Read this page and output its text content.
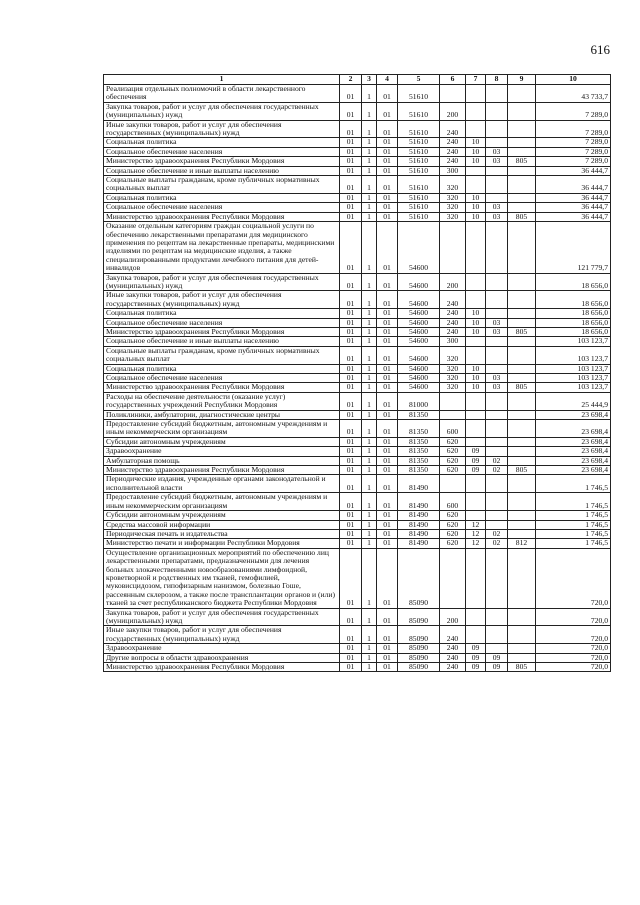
616
1	2	3	4	5	6	7	8	9	10
Реализация отдельных полномочий в области лекарственного обеспечения	01	1	01	51610					43 733,7
Закупка товаров, работ и услуг для обеспечения государственных (муниципальных) нужд	01	1	01	51610	200				7 289,0
Иные закупки товаров, работ и услуг для обеспечения государственных (муниципальных) нужд	01	1	01	51610	240				7 289,0
Социальная политика	01	1	01	51610	240	10			7 289,0
Социальное обеспечение населения	01	1	01	51610	240	10	03		7 289,0
Министерство здравоохранения Республики Мордовия	01	1	01	51610	240	10	03	805	7 289,0
Социальное обеспечение и иные выплаты населению	01	1	01	51610	300				36 444,7
Социальные выплаты гражданам, кроме публичных нормативных социальных выплат	01	1	01	51610	320				36 444,7
Социальная политика	01	1	01	51610	320	10			36 444,7
Социальное обеспечение населения	01	1	01	51610	320	10	03		36 444,7
Министерство здравоохранения Республики Мордовия	01	1	01	51610	320	10	03	805	36 444,7
Оказание отдельным категориям граждан социальной услуги по обеспечению лекарственными препаратами для медицинского применения по рецептам на лекарственные препараты, медицинскими изделиями по рецептам на медицинские изделия, а также специализированными продуктами лечебного питания для детей-инвалидов	01	1	01	54600					121 779,7
Закупка товаров, работ и услуг для обеспечения государственных (муниципальных) нужд	01	1	01	54600	200				18 656,0
Иные закупки товаров, работ и услуг для обеспечения государственных (муниципальных) нужд	01	1	01	54600	240				18 656,0
Социальная политика	01	1	01	54600	240	10			18 656,0
Социальное обеспечение населения	01	1	01	54600	240	10	03		18 656,0
Министерство здравоохранения Республики Мордовия	01	1	01	54600	240	10	03	805	18 656,0
Социальное обеспечение и иные выплаты населению	01	1	01	54600	300				103 123,7
Социальные выплаты гражданам, кроме публичных нормативных социальных выплат	01	1	01	54600	320				103 123,7
Социальная политика	01	1	01	54600	320	10			103 123,7
Социальное обеспечение населения	01	1	01	54600	320	10	03		103 123,7
Министерство здравоохранения Республики Мордовия	01	1	01	54600	320	10	03	805	103 123,7
Расходы на обеспечение деятельности (оказание услуг) государственных учреждений Республики Мордовия	01	1	01	81000					25 444,9
Поликлиники, амбулатории, диагностические центры	01	1	01	81350					23 698,4
Предоставление субсидий бюджетным, автономным учреждениям и иным некоммерческим организациям	01	1	01	81350	600				23 698,4
Субсидии автономным учреждениям	01	1	01	81350	620				23 698,4
Здравоохранение	01	1	01	81350	620	09			23 698,4
Амбулаторная помощь	01	1	01	81350	620	09	02		23 698,4
Министерство здравоохранения Республики Мордовия	01	1	01	81350	620	09	02	805	23 698,4
Периодические издания, учрежденные органами законодательной и исполнительной власти	01	1	01	81490					1 746,5
Предоставление субсидий бюджетным, автономным учреждениям и иным некоммерческим организациям	01	1	01	81490	600				1 746,5
Субсидии автономным учреждениям	01	1	01	81490	620				1 746,5
Средства массовой информации	01	1	01	81490	620	12			1 746,5
Периодическая печать и издательства	01	1	01	81490	620	12	02		1 746,5
Министерство печати и информации Республики Мордовия	01	1	01	81490	620	12	02	812	1 746,5
Осуществление организационных мероприятий по обеспечению лиц лекарственными препаратами, предназначенными для лечения больных злокачественными новообразованиями лимфоидной, кроветворной и родственных им тканей, гемофилией, муковисцидозом, гипофизарным нанизмом, болезнью Гоше, рассеянным склерозом, а также после трансплантации органов и (или) тканей за счет республиканского бюджета Республики Мордовия	01	1	01	85090					720,0
Закупка товаров, работ и услуг для обеспечения государственных (муниципальных) нужд	01	1	01	85090	200				720,0
Иные закупки товаров, работ и услуг для обеспечения государственных (муниципальных) нужд	01	1	01	85090	240				720,0
Здравоохранение	01	1	01	85090	240	09			720,0
Другие вопросы в области здравоохранения	01	1	01	85090	240	09	09		720,0
Министерство здравоохранения Республики Мордовия	01	1	01	85090	240	09	09	805	720,0
